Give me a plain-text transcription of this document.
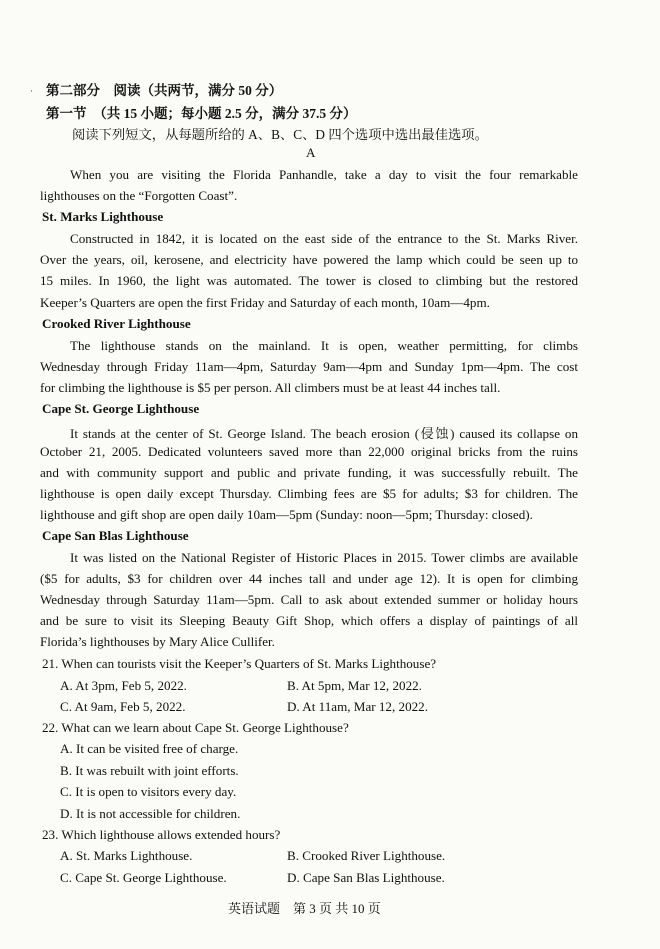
· 第二部分　阅读（共两节，满分 50 分）
第一节　（共 15 小题；每小题 2.5 分，满分 37.5 分）
阅读下列短文，从每题所给的 A、B、C、D 四个选项中选出最佳选项。
A
When you are visiting the Florida Panhandle, take a day to visit the four remarkable
lighthouses on the “Forgotten Coast”.
St. Marks Lighthouse
Constructed in 1842, it is located on the east side of the entrance to the St. Marks River.
Over the years, oil, kerosene, and electricity have powered the lamp which could be seen up to
15 miles. In 1960, the light was automated. The tower is closed to climbing but the restored
Keeper’s Quarters are open the first Friday and Saturday of each month, 10am—4pm.
Crooked River Lighthouse
The lighthouse stands on the mainland. It is open, weather permitting, for climbs
Wednesday through Friday 11am—4pm, Saturday 9am—4pm and Sunday 1pm—4pm. The cost
for climbing the lighthouse is $5 per person. All climbers must be at least 44 inches tall.
Cape St. George Lighthouse
It stands at the center of St. George Island. The beach erosion (侵蚀) caused its collapse on
October 21, 2005. Dedicated volunteers saved more than 22,000 original bricks from the ruins
and with community support and public and private funding, it was successfully rebuilt. The
lighthouse is open daily except Thursday. Climbing fees are $5 for adults; $3 for children. The
lighthouse and gift shop are open daily 10am—5pm (Sunday: noon—5pm; Thursday: closed).
Cape San Blas Lighthouse
It was listed on the National Register of Historic Places in 2015. Tower climbs are available
($5 for adults, $3 for children over 44 inches tall and under age 12). It is open for climbing
Wednesday through Saturday 11am—5pm. Call to ask about extended summer or holiday hours
and be sure to visit its Sleeping Beauty Gift Shop, which offers a display of paintings of all
Florida’s lighthouses by Mary Alice Cullifer.
21. When can tourists visit the Keeper’s Quarters of St. Marks Lighthouse?
A. At 3pm, Feb 5, 2022.	B. At 5pm, Mar 12, 2022.
C. At 9am, Feb 5, 2022.	D. At 11am, Mar 12, 2022.
22. What can we learn about Cape St. George Lighthouse?
A. It can be visited free of charge.
B. It was rebuilt with joint efforts.
C. It is open to visitors every day.
D. It is not accessible for children.
23. Which lighthouse allows extended hours?
A. St. Marks Lighthouse.	B. Crooked River Lighthouse.
C. Cape St. George Lighthouse.	D. Cape San Blas Lighthouse.
英语试题　第 3 页 共 10 页
